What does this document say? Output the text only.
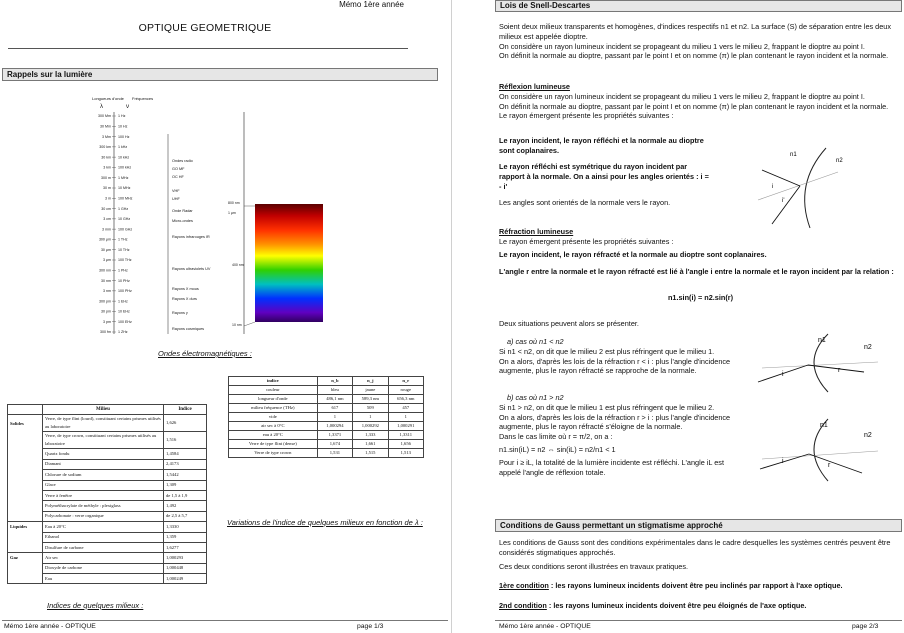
Mémo 1ère année
OPTIQUE GEOMETRIQUE
Rappels sur la lumière
Longueurs d'onde Fréquences
λ	ν
300 Mm
30 Mm
3 Mm
300 km
30 km
3 km
300 m
30 m
3 m
30 cm
3 cm
3 mm
300 μm
30 μm
3 μm
300 nm
30 nm
3 nm
300 pm
30 pm
3 pm
300 fm
1 Hz
10 Hz
100 Hz
1 kHz
10 kHz
100 kHz
1 MHz
10 MHz
100 MHz
1 GHz
10 GHz
100 GHz
1 THz
10 THz
100 THz
1 PHz
10 PHz
100 PHz
1 EHz
10 EHz
100 EHz
1 ZHz
Ondes radio
GO MF
OC HF
VHF
UHF
Onde Radar
Micro-ondes
Rayons infrarouges IR
Rayons ultraviolets UV
Rayons X mous
Rayons X durs
Rayons γ
Rayons cosmiques
800 nm
400 nm
1 µm
10 nm
Ondes électromagnétiques :
	Milieu	Indice
Solides	Verre, de type flint (lourd), constituant certains prismes utilisés au laboratoire	1,626
	Verre, de type crown, constituant certains prismes utilisés au laboratoire	1,516
	Quartz fondu	1,4584
	Diamant	2,4173
	Chlorure de sodium	1,5442
	Glace	1,309
	Verre à fenêtre	de 1,5 à 1,9
	Polyméthacrylate de méthyle : plexiglass	1,492
	Polycarbonate : verre organique	de 2,5 à 5,7
Liquides	Eau à 20°C	1,3330
	Ethanol	1,359
	Disulfure de carbone	1,6277
Gaz	Air sec	1,000293
	Dioxyde de carbone	1,000448
	Eau	1,000249
Indices de quelques milieux :
indice	n_b	n_j	n_r
couleur	bleu	jaune	rouge
longueur d'onde	486,1 nm	589,3 nm	656,3 nm
milieu fréquence (THz)	617	509	457
vide	1	1	1
air sec à 0°C	1,000294	1,000292	1,000291
eau à 20°C	1,3371	1,333	1,3311
Verre de type flint (dense)	1,674	1,661	1,656
Verre de type crown	1,531	1,515	1,513
Variations de l'indice de quelques milieux en fonction de λ :
Mémo 1ère année - OPTIQUE	page 1/3
Lois de Snell-Descartes

Soient deux milieux transparents et homogènes, d'indices respectifs n1 et n2. La surface (S) de séparation entre les deux milieux est appelée dioptre.

On considère un rayon lumineux incident se propageant du milieu 1 vers le milieu 2, frappant le dioptre au point I.

On définit la normale au dioptre, passant par le point I et on nomme (π) le plan contenant le rayon incident et la normale.

Réflexion lumineuse

On considère un rayon lumineux incident se propageant du milieu 1 vers le milieu 2, frappant le dioptre au point I.

On définit la normale au dioptre, passant par le point I et on nomme (π) le plan contenant le rayon incident et la normale.

Le rayon émergent présente les propriétés suivantes :

Le rayon incident, le rayon réfléchi et la normale au dioptre sont coplanaires.
Le rayon réfléchi est symétrique du rayon incident par rapport à la normale. On a ainsi pour les angles orientés : i = - i'
Les angles sont orientés de la normale vers le rayon.
n1
n2
i
i'

Réfraction lumineuse

Le rayon émergent présente les propriétés suivantes :

Le rayon incident, le rayon réfracté et la normale au dioptre sont coplanaires.
L'angle r entre la normale et le rayon réfracté est lié à l'angle i entre la normale et le rayon incident par la relation :
n1.sin(i) = n2.sin(r)
Deux situations peuvent alors se présenter.

a) cas où n1 < n2

Si n1 < n2, on dit que le milieu 2 est plus réfringent que le milieu 1.

On a alors, d'après les lois de la réfraction r < i : plus l'angle d'incidence augmente, plus le rayon réfracté se rapproche de la normale.

n1
n2
i
r

b) cas où n1 > n2

Si n1 > n2, on dit que le milieu 1 est plus réfringent que le milieu 2.

On a alors, d'après les lois de la réfraction r > i : plus l'angle d'incidence augmente, plus le rayon réfracté s'éloigne de la normale.

Dans le cas limite où r = π/2, on a :

n1.sin(iL) = n2 ⇔ sin(iL) = n2/n1 < 1

Pour i ≥ iL, la totalité de la lumière incidente est réfléchi. L'angle iL est appelé l'angle de réflexion totale.

n1
n2
i
r
Conditions de Gauss permettant un stigmatisme approché

Les conditions de Gauss sont des conditions expérimentales dans le cadre desquelles les systèmes centrés peuvent être considérés stigmatiques approchés.

Ces deux conditions seront illustrées en travaux pratiques.

1ère condition : les rayons lumineux incidents doivent être peu inclinés par rapport à l'axe optique.
2nd condition : les rayons lumineux incidents doivent être peu éloignés de l'axe optique.
Mémo 1ère année - OPTIQUE	page 2/3
